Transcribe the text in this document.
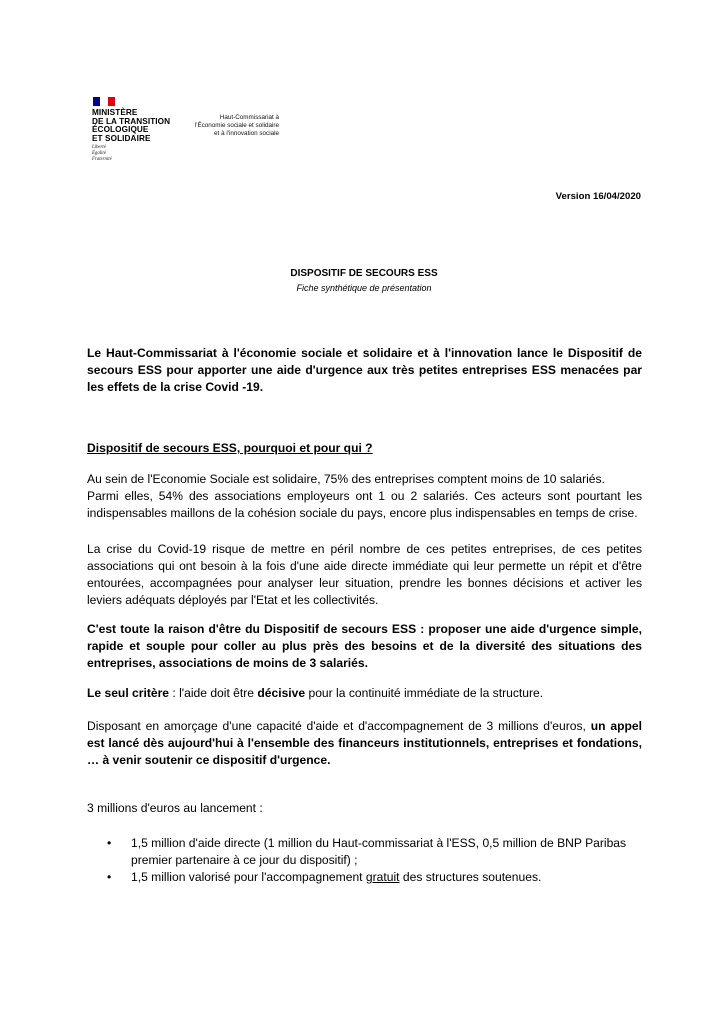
MINISTÈRE
DE LA TRANSITION
ÉCOLOGIQUE
ET SOLIDAIRE
Liberté
Égalité
Fraternité
Haut-Commissariat à
l'Économie sociale et solidaire
et à l'innovation sociale
Version 16/04/2020
DISPOSITIF DE SECOURS ESS
Fiche synthétique de présentation

Le Haut-Commissariat à l'économie sociale et solidaire et à l'innovation lance le Dispositif de secours ESS pour apporter une aide d'urgence aux très petites entreprises ESS menacées par les effets de la crise Covid -19.

Dispositif de secours ESS, pourquoi et pour qui ?

Au sein de l'Economie Sociale est solidaire, 75% des entreprises comptent moins de 10 salariés.
Parmi elles, 54% des associations employeurs ont 1 ou 2 salariés. Ces acteurs sont pourtant les indispensables maillons de la cohésion sociale du pays, encore plus indispensables en temps de crise.

La crise du Covid-19 risque de mettre en péril nombre de ces petites entreprises, de ces petites associations qui ont besoin à la fois d'une aide directe immédiate qui leur permette un répit et d'être entourées, accompagnées pour analyser leur situation, prendre les bonnes décisions et activer les leviers adéquats déployés par l'Etat et les collectivités.

C'est toute la raison d'être du Dispositif de secours ESS : proposer une aide d'urgence simple, rapide et souple pour coller au plus près des besoins et de la diversité des situations des entreprises, associations de moins de 3 salariés.

Le seul critère : l'aide doit être décisive pour la continuité immédiate de la structure.

Disposant en amorçage d'une capacité d'aide et d'accompagnement de 3 millions d'euros, un appel est lancé dès aujourd'hui à l'ensemble des financeurs institutionnels, entreprises et fondations, … à venir soutenir ce dispositif d'urgence.

3 millions d'euros au lancement :

• 1,5 million d'aide directe (1 million du Haut-commissariat à l'ESS, 0,5 million de BNP Paribas premier partenaire à ce jour du dispositif) ;
• 1,5 million valorisé pour l'accompagnement gratuit des structures soutenues.
